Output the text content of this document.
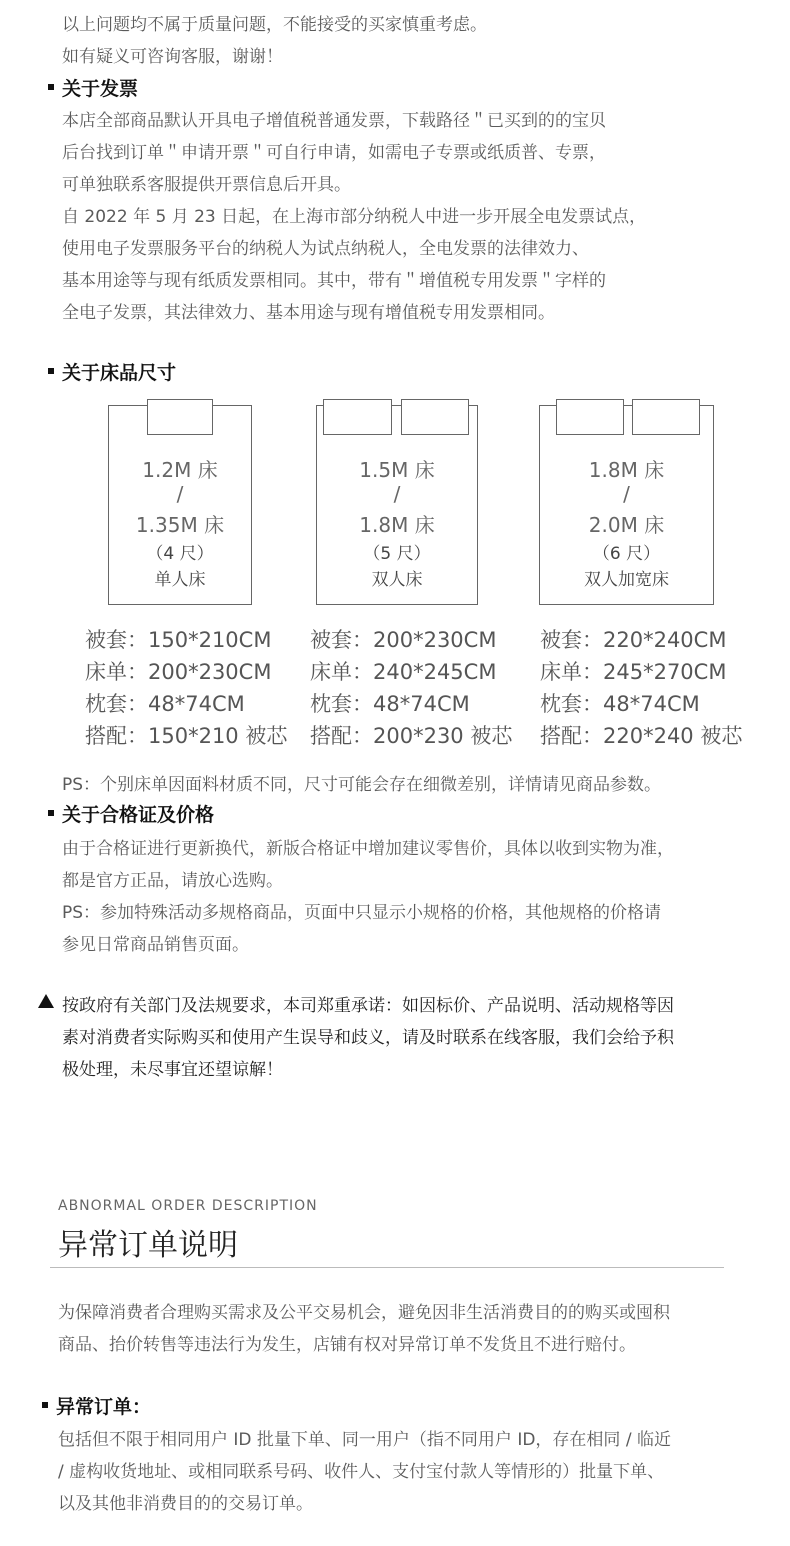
以上问题均不属于质量问题，不能接受的买家慎重考虑。
如有疑义可咨询客服，谢谢！
关于发票
本店全部商品默认开具电子增值税普通发票，下载路径＂已买到的的宝贝
后台找到订单＂申请开票＂可自行申请，如需电子专票或纸质普、专票，
可单独联系客服提供开票信息后开具。
自 2022 年 5 月 23 日起，在上海市部分纳税人中进一步开展全电发票试点，
使用电子发票服务平台的纳税人为试点纳税人，全电发票的法律效力、
基本用途等与现有纸质发票相同。其中，带有＂增值税专用发票＂字样的
全电子发票，其法律效力、基本用途与现有增值税专用发票相同。
关于床品尺寸
1.2M 床
/
1.35M 床
（4 尺）
单人床
1.5M 床
/
1.8M 床
（5 尺）
双人床
1.8M 床
/
2.0M 床
（6 尺）
双人加宽床
被套：150*210CM
床单：200*230CM
枕套：48*74CM
搭配：150*210 被芯
被套：200*230CM
床单：240*245CM
枕套：48*74CM
搭配：200*230 被芯
被套：220*240CM
床单：245*270CM
枕套：48*74CM
搭配：220*240 被芯
PS：个别床单因面料材质不同，尺寸可能会存在细微差别，详情请见商品参数。
关于合格证及价格
由于合格证进行更新换代，新版合格证中增加建议零售价，具体以收到实物为准，
都是官方正品，请放心选购。
PS：参加特殊活动多规格商品，页面中只显示小规格的价格，其他规格的价格请
参见日常商品销售页面。
按政府有关部门及法规要求，本司郑重承诺：如因标价、产品说明、活动规格等因
素对消费者实际购买和使用产生误导和歧义，请及时联系在线客服，我们会给予积
极处理，未尽事宜还望谅解！
ABNORMAL ORDER DESCRIPTION
异常订单说明
为保障消费者合理购买需求及公平交易机会，避免因非生活消费目的的购买或囤积
商品、抬价转售等违法行为发生，店铺有权对异常订单不发货且不进行赔付。
异常订单：
包括但不限于相同用户 ID 批量下单、同一用户（指不同用户 ID，存在相同 / 临近
/ 虚构收货地址、或相同联系号码、收件人、支付宝付款人等情形的）批量下单、
以及其他非消费目的的交易订单。
